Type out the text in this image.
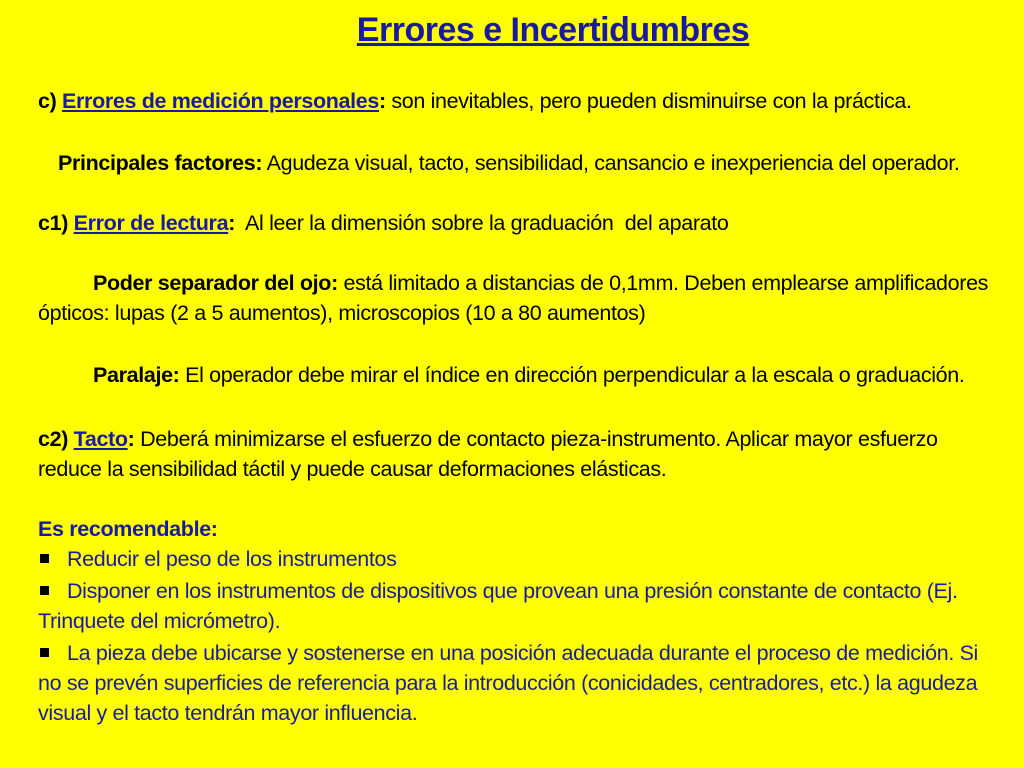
Errores e Incertidumbres

c) Errores de medición personales: son inevitables, pero pueden disminuirse con la práctica.

Principales factores: Agudeza visual, tacto, sensibilidad, cansancio e inexperiencia del operador.

c1) Error de lectura:  Al leer la dimensión sobre la graduación  del aparato

Poder separador del ojo: está limitado a distancias de 0,1mm. Deben emplearse amplificadores ópticos: lupas (2 a 5 aumentos), microscopios (10 a 80 aumentos)

Paralaje: El operador debe mirar el índice en dirección perpendicular a la escala o graduación.

c2) Tacto: Deberá minimizarse el esfuerzo de contacto pieza-instrumento. Aplicar mayor esfuerzo reduce la sensibilidad táctil y puede causar deformaciones elásticas.

Es recomendable:

Reducir el peso de los instrumentos

Disponer en los instrumentos de dispositivos que provean una presión constante de contacto (Ej. Trinquete del micrómetro).

La pieza debe ubicarse y sostenerse en una posición adecuada durante el proceso de medición. Si no se prevén superficies de referencia para la introducción (conicidades, centradores, etc.) la agudeza visual y el tacto tendrán mayor influencia.
